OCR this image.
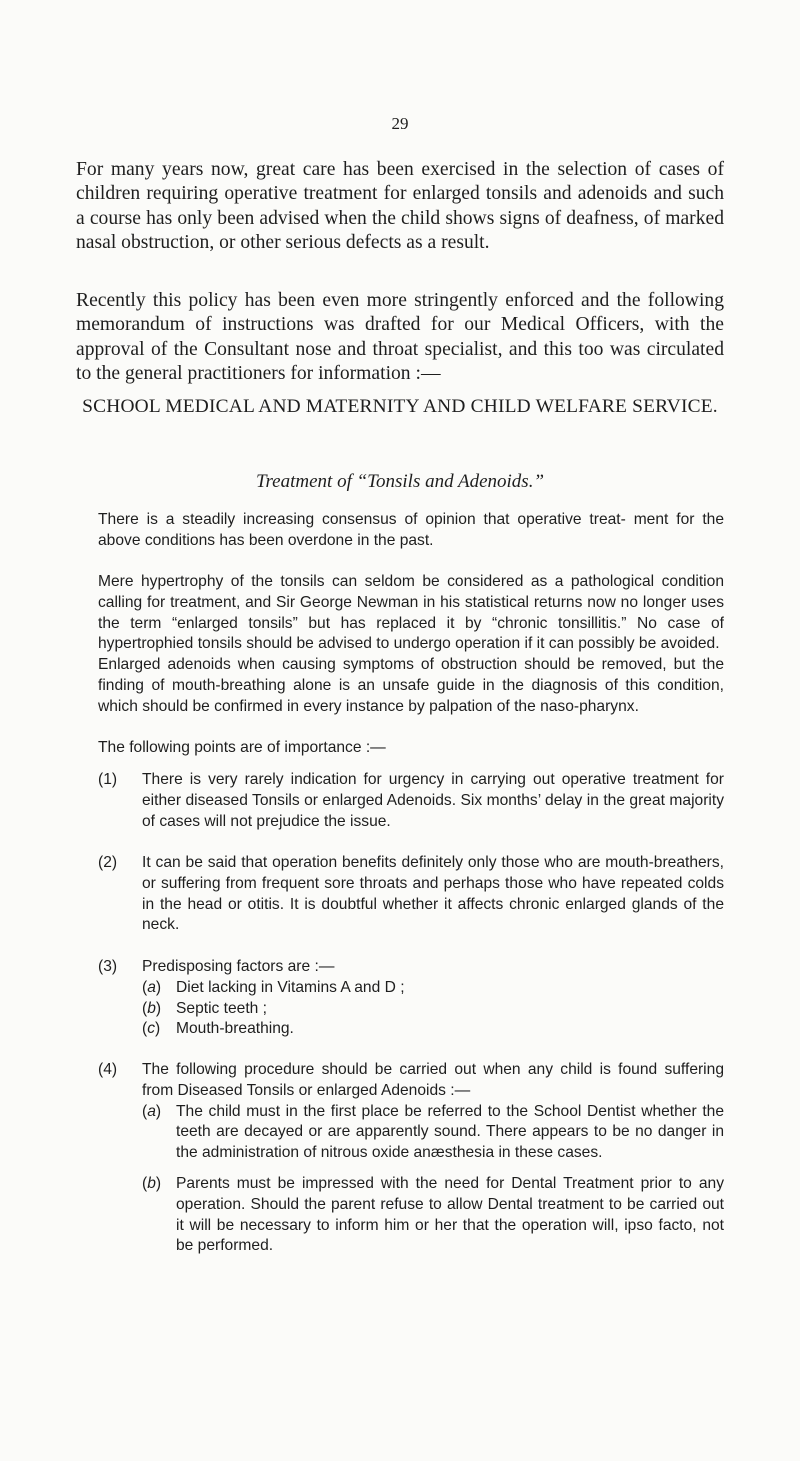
29

For many years now, great care has been exercised in the selection of cases of children requiring operative treatment for enlarged tonsils and adenoids and such a course has only been advised when the child shows signs of deafness, of marked nasal obstruction, or other serious defects as a result.

Recently this policy has been even more stringently enforced and the following memorandum of instructions was drafted for our Medical Officers, with the approval of the Consultant nose and throat specialist, and this too was circulated to the general practitioners for information :—

SCHOOL MEDICAL AND MATERNITY AND CHILD WELFARE SERVICE.

Treatment of “Tonsils and Adenoids.”

There is a steadily increasing consensus of opinion that operative treat- ment for the above conditions has been overdone in the past.

Mere hypertrophy of the tonsils can seldom be considered as a pathological condition calling for treatment, and Sir George Newman in his statistical returns now no longer uses the term “enlarged tonsils” but has replaced it by “chronic tonsillitis.” No case of hypertrophied tonsils should be advised to undergo operation if it can possibly be avoided.

Enlarged adenoids when causing symptoms of obstruction should be removed, but the finding of mouth-breathing alone is an unsafe guide in the diagnosis of this condition, which should be confirmed in every instance by palpation of the naso-pharynx.

The following points are of importance :—

(1)	There is very rarely indication for urgency in carrying out operative treatment for either diseased Tonsils or enlarged Adenoids. Six months’ delay in the great majority of cases will not prejudice the issue.
(2)	It can be said that operation benefits definitely only those who are mouth-breathers, or suffering from frequent sore throats and perhaps those who have repeated colds in the head or otitis. It is doubtful whether it affects chronic enlarged glands of the neck.
(3)	Predisposing factors are :—
(a) Diet lacking in Vitamins A and D ;
(b) Septic teeth ;
(c) Mouth-breathing.
(4)	The following procedure should be carried out when any child is found suffering from Diseased Tonsils or enlarged Adenoids :—
(a) The child must in the first place be referred to the School Dentist whether the teeth are decayed or are apparently sound. There appears to be no danger in the administration of nitrous oxide anæsthesia in these cases.
(b) Parents must be impressed with the need for Dental Treatment prior to any operation. Should the parent refuse to allow Dental treatment to be carried out it will be necessary to inform him or her that the operation will, ipso facto, not be performed.
